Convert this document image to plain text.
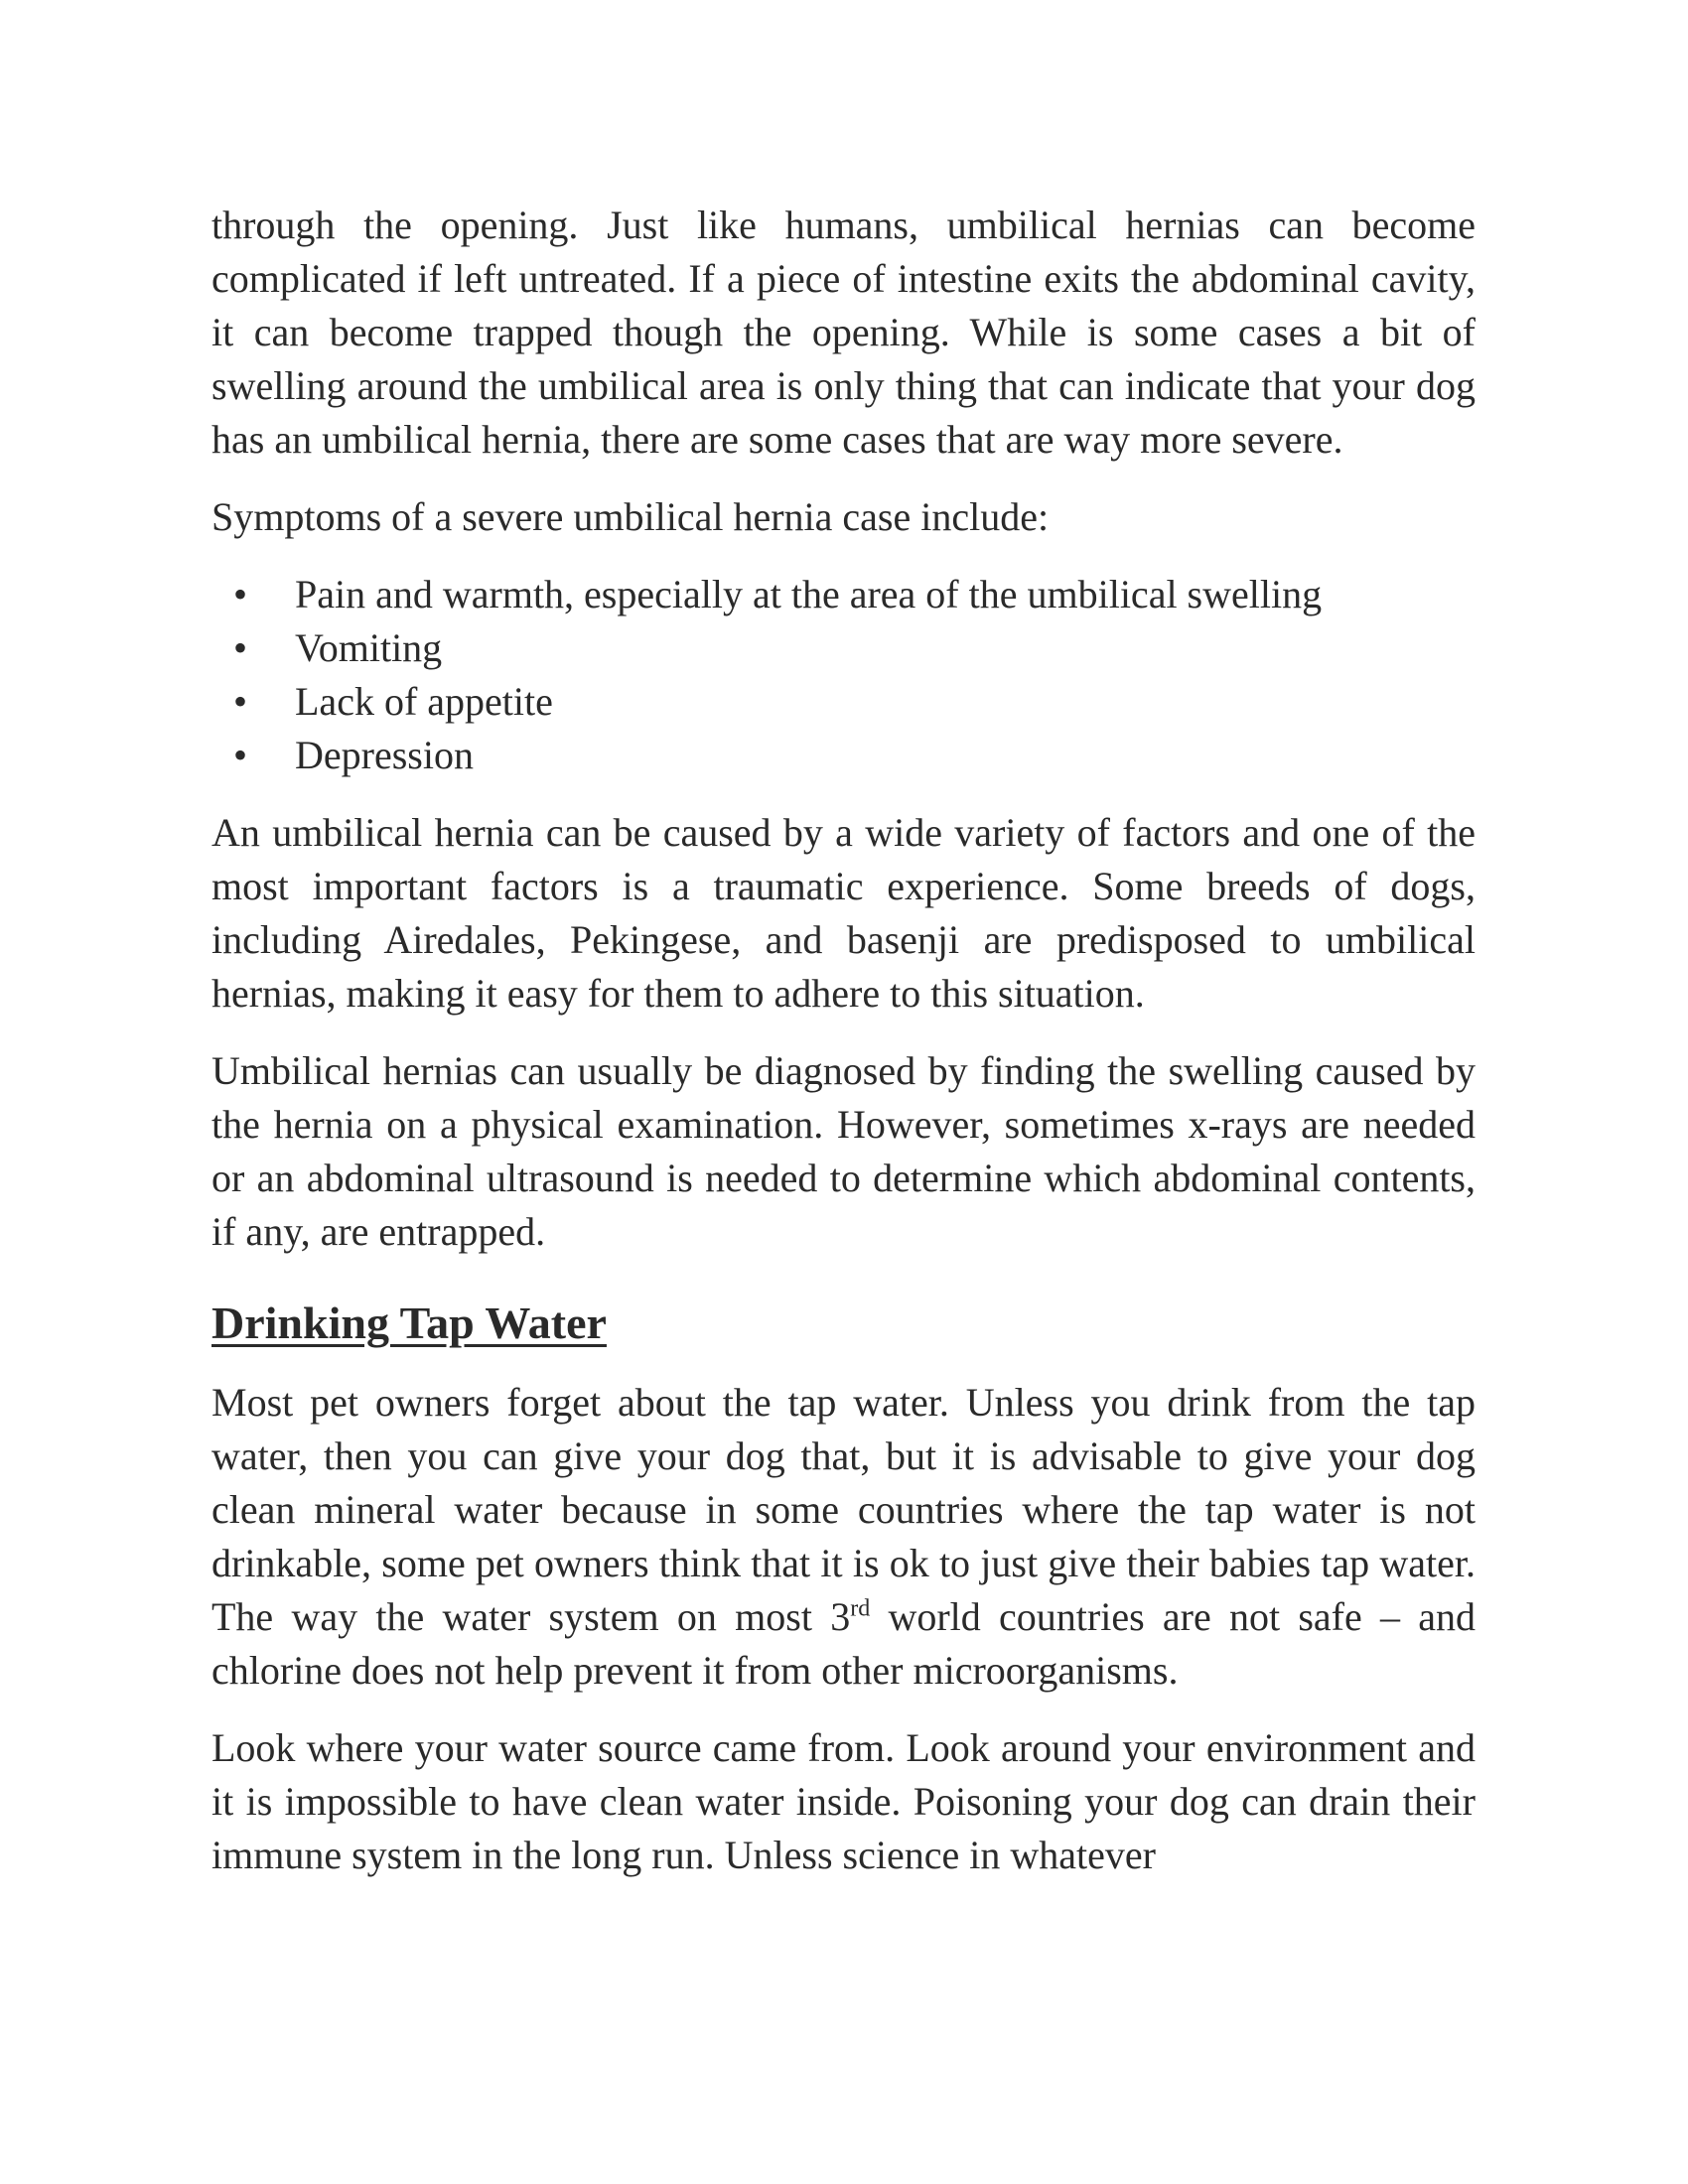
through the opening. Just like humans, umbilical hernias can become complicated if left untreated. If a piece of intestine exits the abdominal cavity, it can become trapped though the opening. While is some cases a bit of swelling around the umbilical area is only thing that can indicate that your dog has an umbilical hernia, there are some cases that are way more severe.

Symptoms of a severe umbilical hernia case include:

• Pain and warmth, especially at the area of the umbilical swelling
• Vomiting
• Lack of appetite
• Depression

An umbilical hernia can be caused by a wide variety of factors and one of the most important factors is a traumatic experience. Some breeds of dogs, including Airedales, Pekingese, and basenji are predisposed to umbilical hernias, making it easy for them to adhere to this situation.

Umbilical hernias can usually be diagnosed by finding the swelling caused by the hernia on a physical examination. However, sometimes x-rays are needed or an abdominal ultrasound is needed to determine which abdominal contents, if any, are entrapped.

Drinking Tap Water

Most pet owners forget about the tap water. Unless you drink from the tap water, then you can give your dog that, but it is advisable to give your dog clean mineral water because in some countries where the tap water is not drinkable, some pet owners think that it is ok to just give their babies tap water. The way the water system on most 3rd world countries are not safe – and chlorine does not help prevent it from other microorganisms.

Look where your water source came from. Look around your environment and it is impossible to have clean water inside. Poisoning your dog can drain their immune system in the long run. Unless science in whatever
